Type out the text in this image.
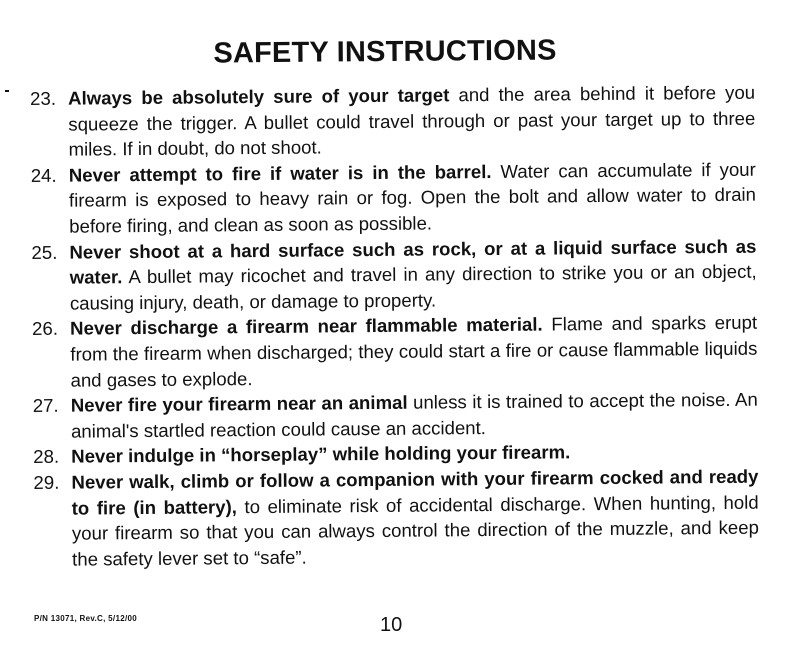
SAFETY INSTRUCTIONS
23. Always be absolutely sure of your target and the area behind it before you squeeze the trigger. A bullet could travel through or past your target up to three miles. If in doubt, do not shoot.
24. Never attempt to fire if water is in the barrel. Water can accumulate if your firearm is exposed to heavy rain or fog. Open the bolt and allow water to drain before firing, and clean as soon as possible.
25. Never shoot at a hard surface such as rock, or at a liquid surface such as water. A bullet may ricochet and travel in any direction to strike you or an object, causing injury, death, or damage to property.
26. Never discharge a firearm near flammable material. Flame and sparks erupt from the firearm when discharged; they could start a fire or cause flammable liquids and gases to explode.
27. Never fire your firearm near an animal unless it is trained to accept the noise. An animal's startled reaction could cause an accident.
28. Never indulge in “horseplay” while holding your firearm.
29. Never walk, climb or follow a companion with your firearm cocked and ready to fire (in battery), to eliminate risk of accidental discharge. When hunting, hold your firearm so that you can always control the direction of the muzzle, and keep the safety lever set to “safe”.
P/N 13071, Rev.C, 5/12/00	10
